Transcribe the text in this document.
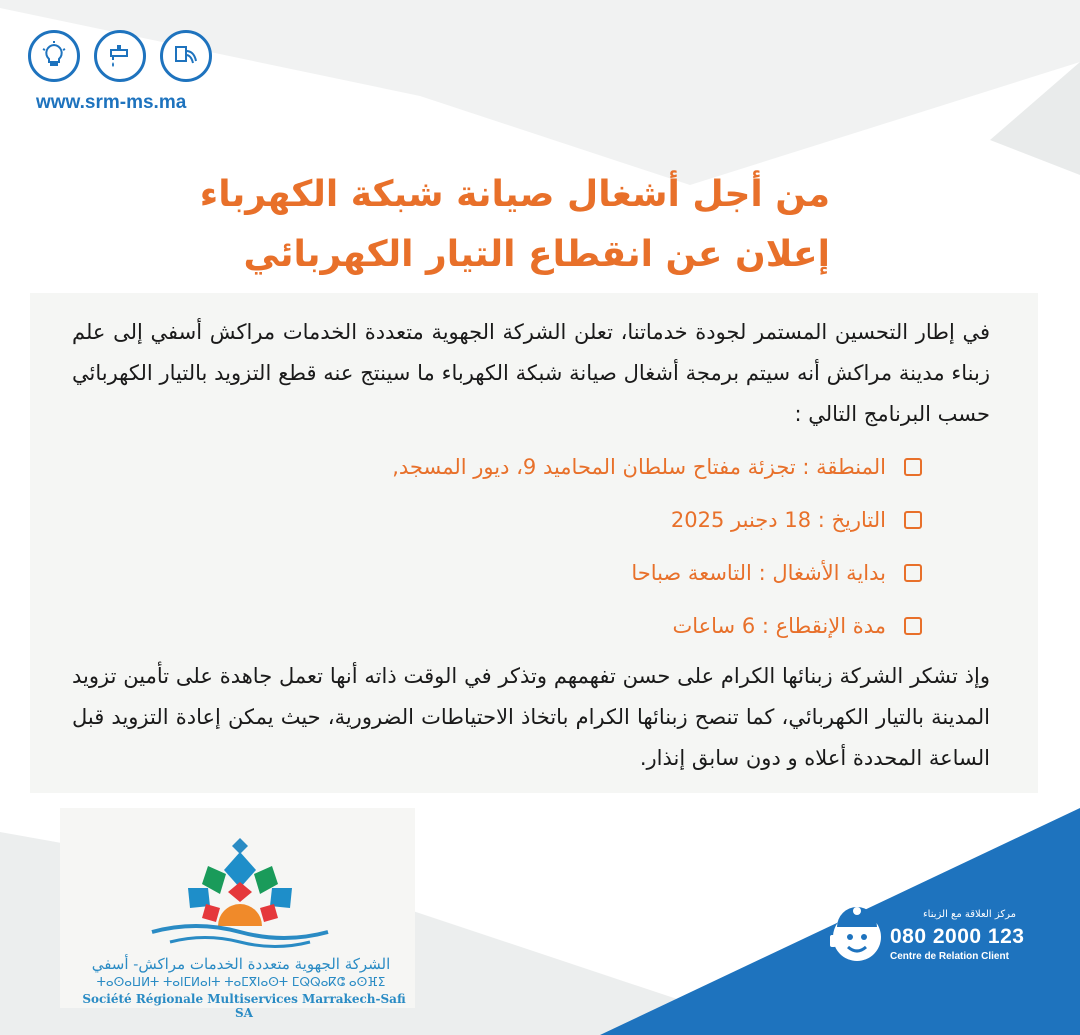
www.srm-ms.ma
من أجل أشغال صيانة شبكة الكهرباء
إعلان عن انقطاع التيار الكهربائي

في إطار التحسين المستمر لجودة خدماتنا، تعلن الشركة الجهوية متعددة الخدمات مراكش أسفي إلى علم زبناء مدينة مراكش أنه سيتم برمجة أشغال صيانة شبكة الكهرباء ما سينتج عنه قطع التزويد بالتيار الكهربائي حسب البرنامج التالي :

المنطقة : تجزئة مفتاح سلطان المحاميد 9، ديور المسجد,
التاريخ : 18 دجنبر 2025
بداية الأشغال : التاسعة صباحا
مدة الإنقطاع : 6 ساعات

وإذ تشكر الشركة زبنائها الكرام على حسن تفهمهم وتذكر في الوقت ذاته أنها تعمل جاهدة على تأمين تزويد المدينة بالتيار الكهربائي، كما تنصح زبنائها الكرام باتخاذ الاحتياطات الضرورية، حيث يمكن إعادة التزويد قبل الساعة المحددة أعلاه و دون سابق إنذار.

الشركة الجهوية متعددة الخدمات مراكش- أسفي

ⵜⴰⵙⴰⵡⵍⵜ ⵜⴰⵏⵎⵍⴰⵏⵜ ⵜⴰⵎⴳⵏⴰⵙⵜ ⵎⵕⵕⴰⴽⵛ ⴰⵙⴼⵉ

Société Régionale Multiservices Marrakech-Safi SA

مركز العلاقة مع الزبناء

080 2000 123

Centre de Relation Client
